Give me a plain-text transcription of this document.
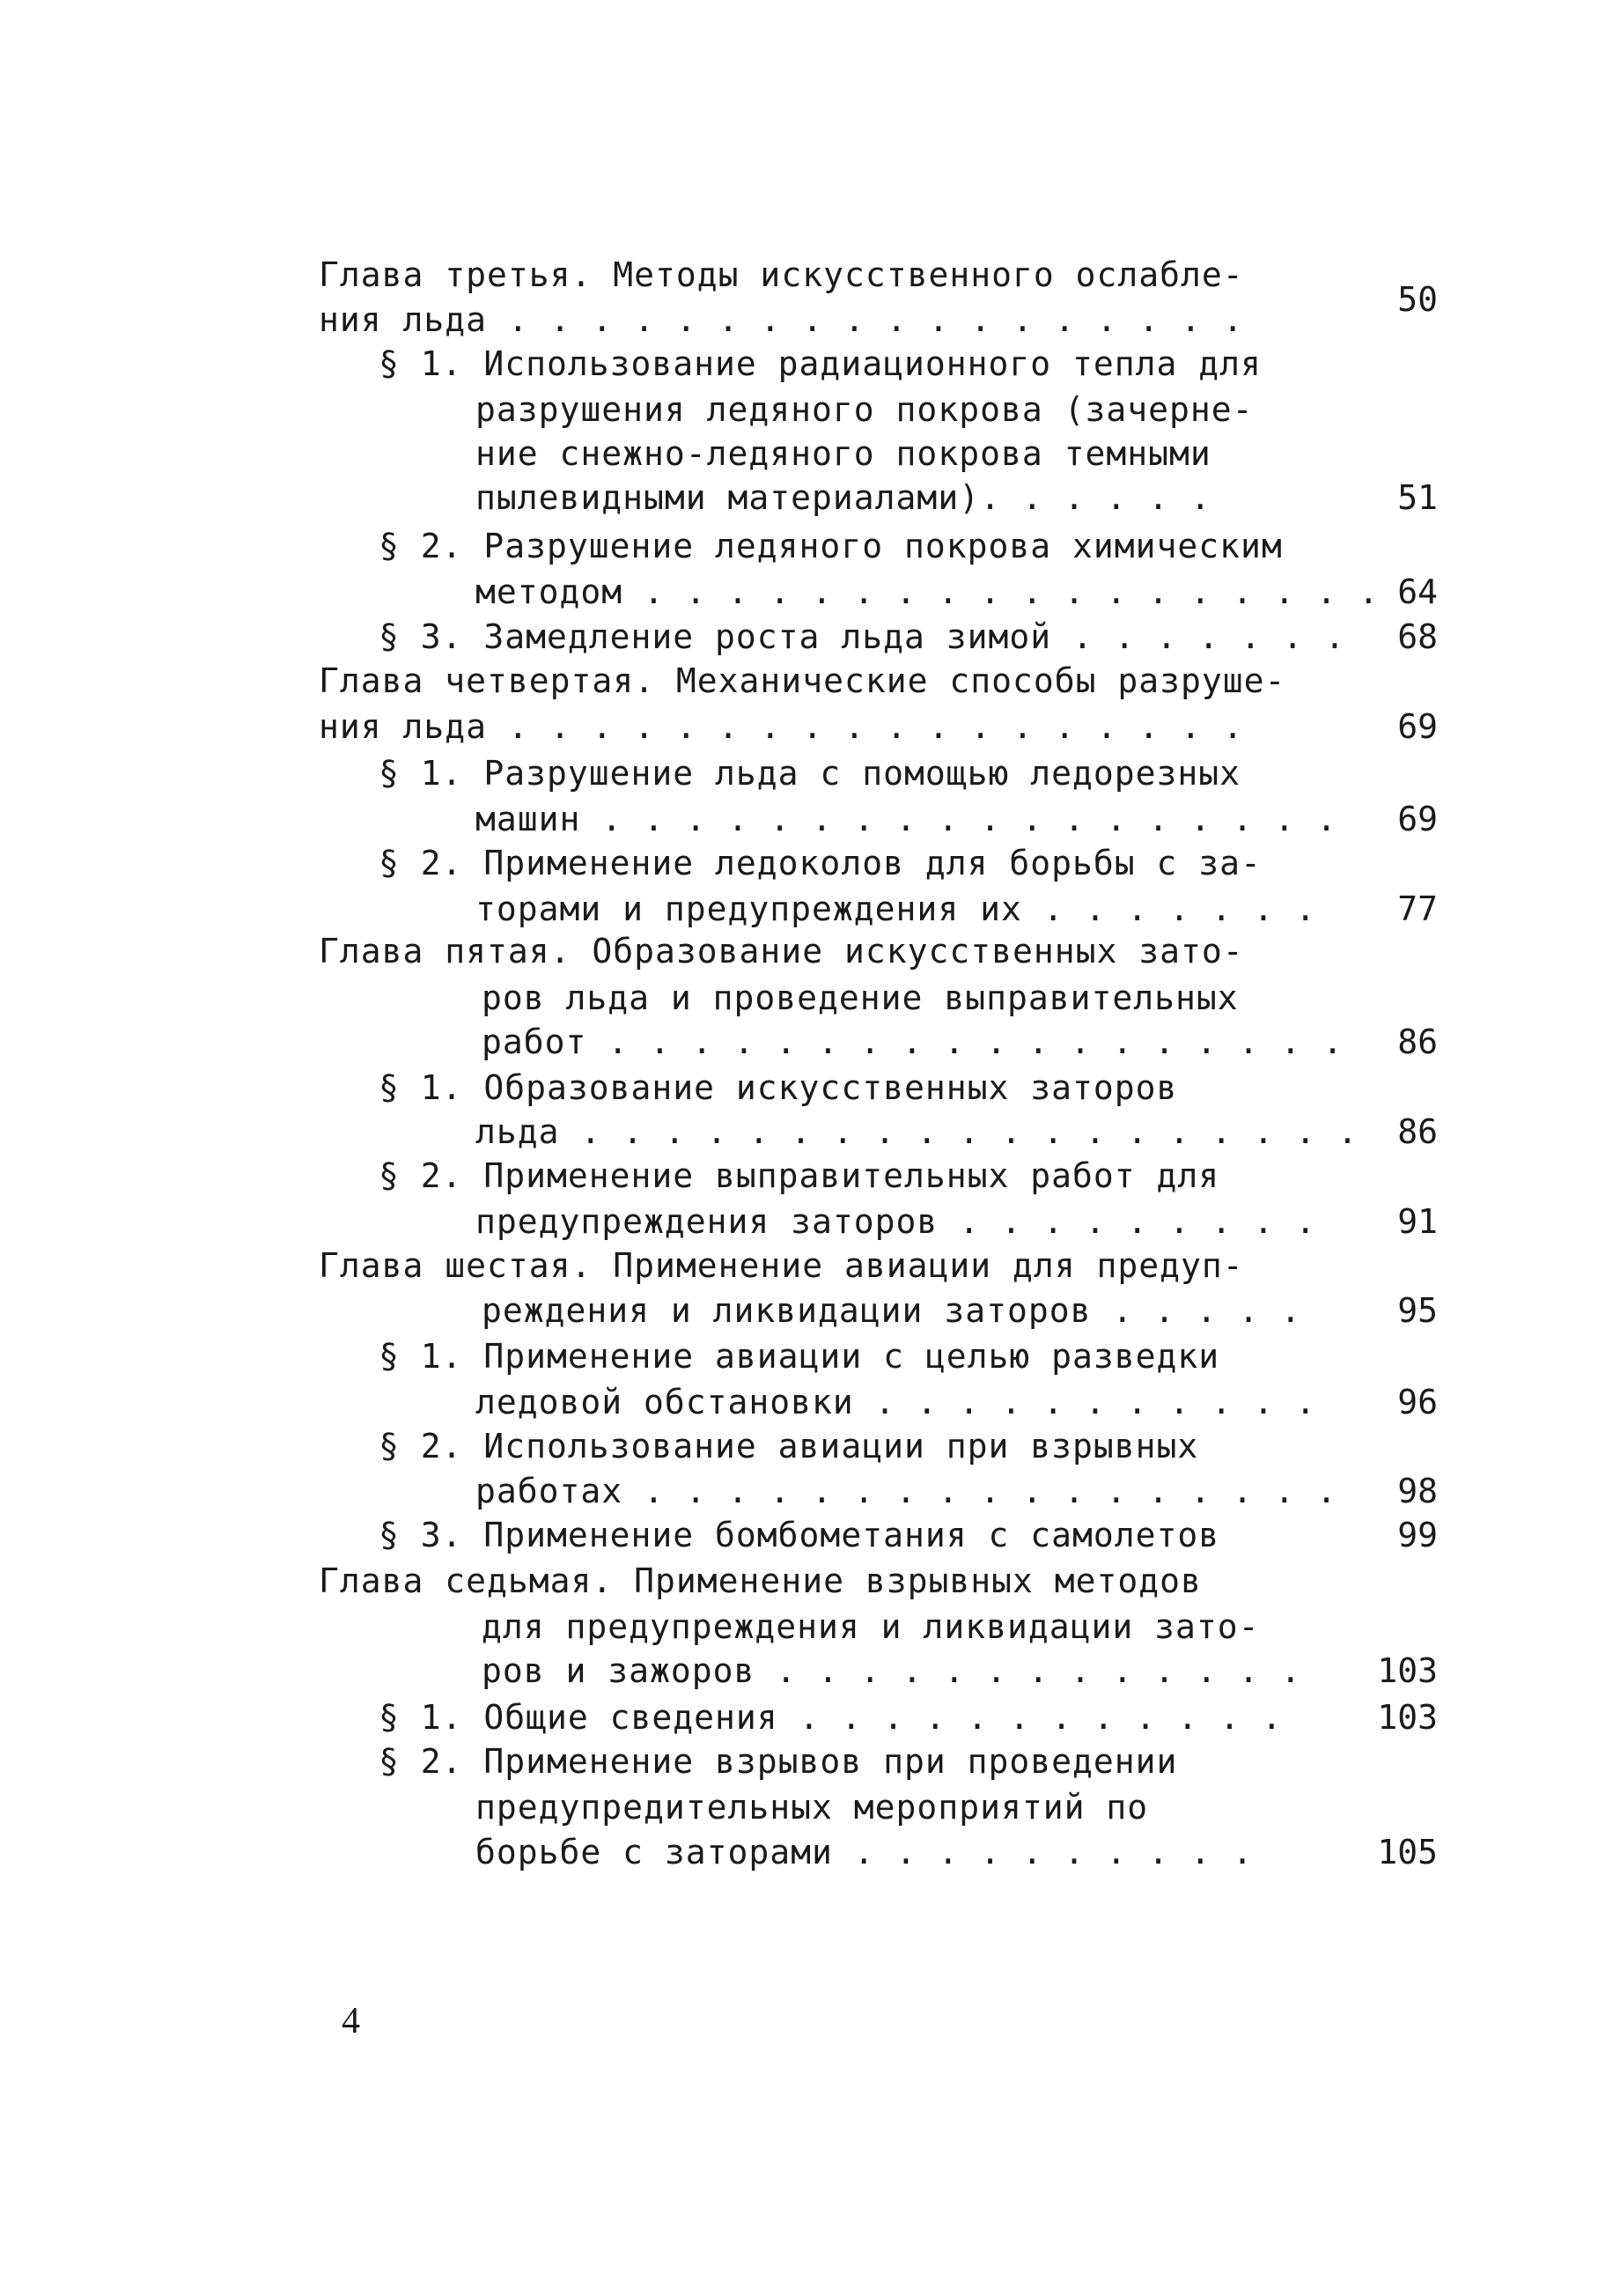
Глава третья. Методы искусственного ослабле-
ния льда . . . . . . . . . . . . . . . . . .
50
§ 1. Использование радиационного тепла для
разрушения ледяного покрова (зачерне-
ние снежно-ледяного покрова темными
пылевидными материалами). . . . . .	51
§ 2. Разрушение ледяного покрова химическим
методом . . . . . . . . . . . . . . . . . . 64
§ 3. Замедление роста льда зимой . . . . . . . 68
Глава четвертая. Механические способы разруше-
ния льда . . . . . . . . . . . . . . . . . .	69
§ 1. Разрушение льда с помощью ледорезных
машин . . . . . . . . . . . . . . . . . . 69
§ 2. Применение ледоколов для борьбы с за-
торами и предупреждения их . . . . . . . 77
Глава пятая. Образование искусственных зато-
ров льда и проведение выправительных
работ . . . . . . . . . . . . . . . . . . 86
§ 1. Образование искусственных заторов
льда . . . . . . . . . . . . . . . . . . . 86
§ 2. Применение выправительных работ для
предупреждения заторов . . . . . . . . . 91
Глава шестая. Применение авиации для предуп-
реждения и ликвидации заторов . . . . .	95
§ 1. Применение авиации с целью разведки
ледовой обстановки . . . . . . . . . . . 96
§ 2. Использование авиации при взрывных
работах . . . . . . . . . . . . . . . . . 98
§ 3. Применение бомбометания с самолетов	99
Глава седьмая. Применение взрывных методов
для предупреждения и ликвидации зато-
ров и зажоров . . . . . . . . . . . . . 103
§ 1. Общие сведения . . . . . . . . . . . .	103
§ 2. Применение взрывов при проведении
предупредительных мероприятий по
борьбе с заторами . . . . . . . . . .	105
4
